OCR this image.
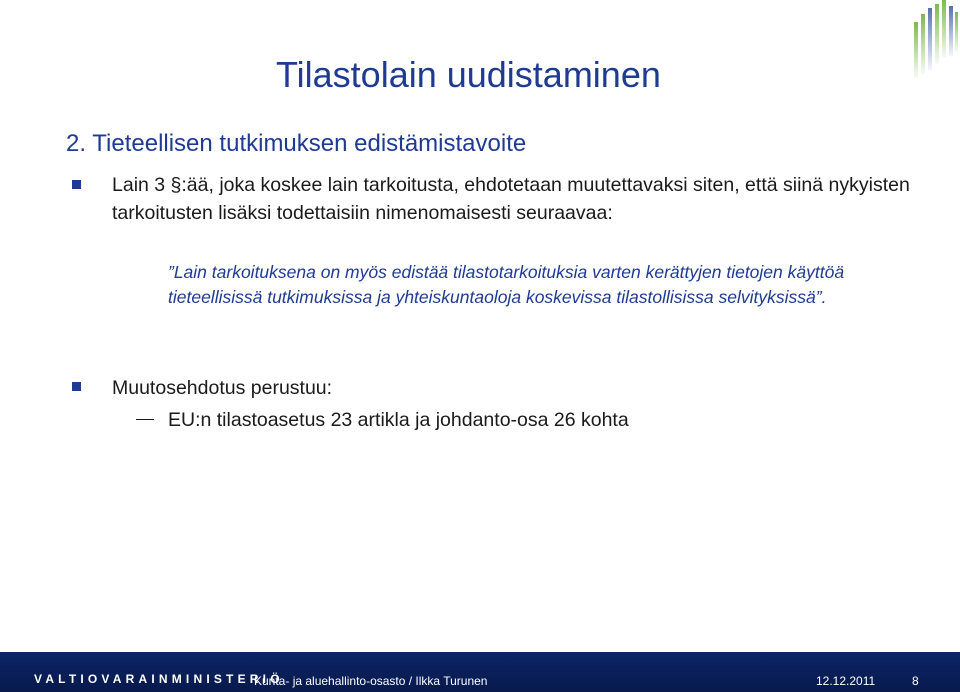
Tilastolain uudistaminen
2. Tieteellisen tutkimuksen edistämistavoite
Lain 3 §:ää, joka koskee lain tarkoitusta, ehdotetaan muutettavaksi siten, että siinä nykyisten tarkoitusten lisäksi todettaisiin nimenomaisesti seuraavaa:
”Lain tarkoituksena on myös edistää tilastotarkoituksia varten kerättyjen tietojen käyttöä tieteellisissä tutkimuksissa ja yhteiskuntaoloja koskevissa tilastollisissa selvityksissä”.
Muutosehdotus perustuu:
EU:n tilastoasetus 23 artikla ja johdanto-osa 26 kohta
VALTIOVARAINMINISTERIÖ
Kunta- ja aluehallinto-osasto / Ilkka Turunen	12.12.2011	8
